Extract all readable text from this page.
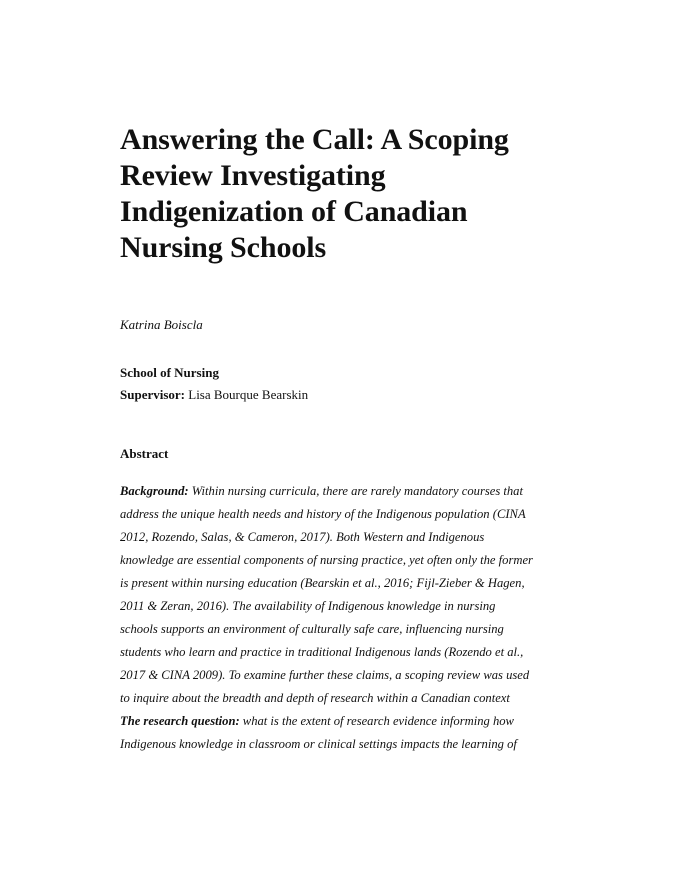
Answering the Call: A Scoping
Review Investigating
Indigenization of Canadian
Nursing Schools
Katrina Boiscla
School of Nursing
Supervisor: Lisa Bourque Bearskin
Abstract
Background: Within nursing curricula, there are rarely mandatory courses that
address the unique health needs and history of the Indigenous population (CINA
2012, Rozendo, Salas, & Cameron, 2017). Both Western and Indigenous
knowledge are essential components of nursing practice, yet often only the former
is present within nursing education (Bearskin et al., 2016; Fijl-Zieber & Hagen,
2011 & Zeran, 2016). The availability of Indigenous knowledge in nursing
schools supports an environment of culturally safe care, influencing nursing
students who learn and practice in traditional Indigenous lands (Rozendo et al.,
2017 & CINA 2009). To examine further these claims, a scoping review was used
to inquire about the breadth and depth of research within a Canadian context
The research question: what is the extent of research evidence informing how
Indigenous knowledge in classroom or clinical settings impacts the learning of
